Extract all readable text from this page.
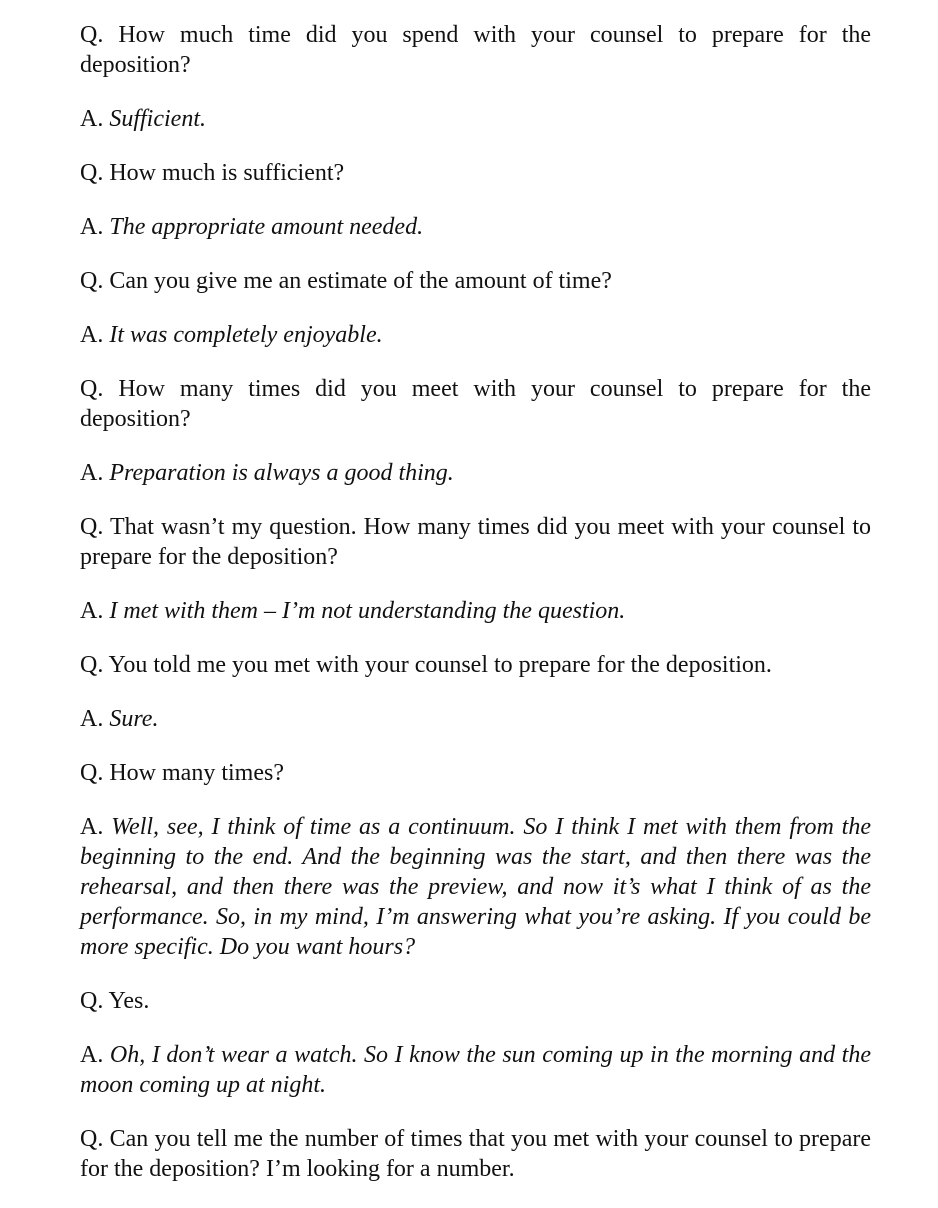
Q. How much time did you spend with your counsel to prepare for the deposition?

A. Sufficient.

Q. How much is sufficient?

A. The appropriate amount needed.

Q. Can you give me an estimate of the amount of time?

A. It was completely enjoyable.

Q. How many times did you meet with your counsel to prepare for the deposition?

A. Preparation is always a good thing.

Q. That wasn’t my question. How many times did you meet with your counsel to prepare for the deposition?

A. I met with them – I’m not understanding the question.

Q. You told me you met with your counsel to prepare for the deposition.

A. Sure.

Q. How many times?

A. Well, see, I think of time as a continuum. So I think I met with them from the beginning to the end. And the beginning was the start, and then there was the rehearsal, and then there was the preview, and now it’s what I think of as the performance. So, in my mind, I’m answering what you’re asking. If you could be more specific. Do you want hours?

Q. Yes.

A. Oh, I don’t wear a watch. So I know the sun coming up in the morning and the moon coming up at night.

Q. Can you tell me the number of times that you met with your counsel to prepare for the deposition? I’m looking for a number.
